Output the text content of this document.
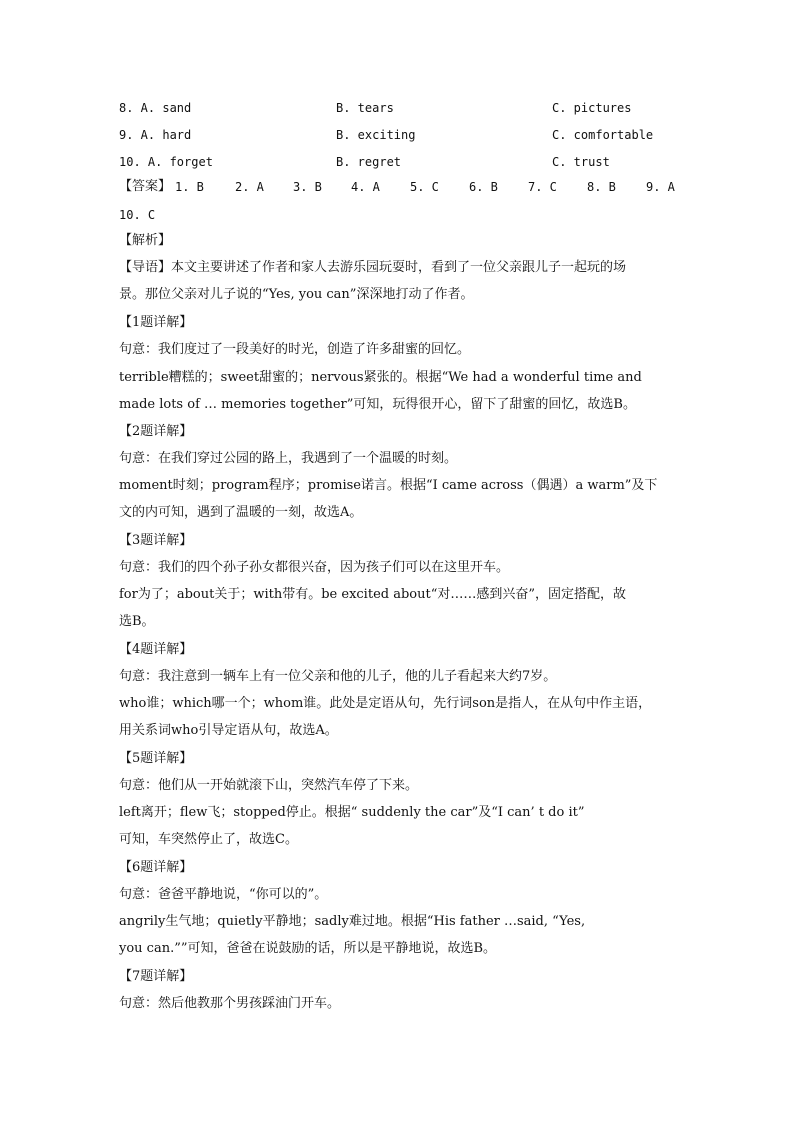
8. A. sand	B. tears	C. pictures
9. A. hard	B. exciting	C. comfortable
10. A. forget	B. regret	C. trust
【答案】 1. B	2. A 3. B 4. A	5. C	6. B	7. C	8. B	9. A
10. C
【解析】
【导语】本文主要讲述了作者和家人去游乐园玩耍时，看到了一位父亲跟儿子一起玩的场
景。那位父亲对儿子说的“Yes, you can”深深地打动了作者。
【1题详解】
句意：我们度过了一段美好的时光，创造了许多甜蜜的回忆。
terrible糟糕的；sweet甜蜜的；nervous紧张的。根据“We had a wonderful time and
made lots of … memories together”可知，玩得很开心，留下了甜蜜的回忆，故选B。
【2题详解】
句意：在我们穿过公园的路上，我遇到了一个温暖的时刻。
moment时刻；program程序；promise诺言。根据“I came across（偶遇）a warm”及下
文的内可知，遇到了温暖的一刻，故选A。
【3题详解】
句意：我们的四个孙子孙女都很兴奋，因为孩子们可以在这里开车。
for为了；about关于；with带有。be excited about“对……感到兴奋”，固定搭配，故
选B。
【4题详解】
句意：我注意到一辆车上有一位父亲和他的儿子，他的儿子看起来大约7岁。
who谁；which哪一个；whom谁。此处是定语从句，先行词son是指人，在从句中作主语，
用关系词who引导定语从句，故选A。
【5题详解】
句意：他们从一开始就滚下山，突然汽车停了下来。
left离开；flew飞；stopped停止。根据“ suddenly the car”及“I can’ t do it”
可知，车突然停止了，故选C。
【6题详解】
句意：爸爸平静地说，“你可以的”。
angrily生气地；quietly平静地；sadly难过地。根据“His father …said, “Yes,
you can.””可知，爸爸在说鼓励的话，所以是平静地说，故选B。
【7题详解】
句意：然后他教那个男孩踩油门开车。
